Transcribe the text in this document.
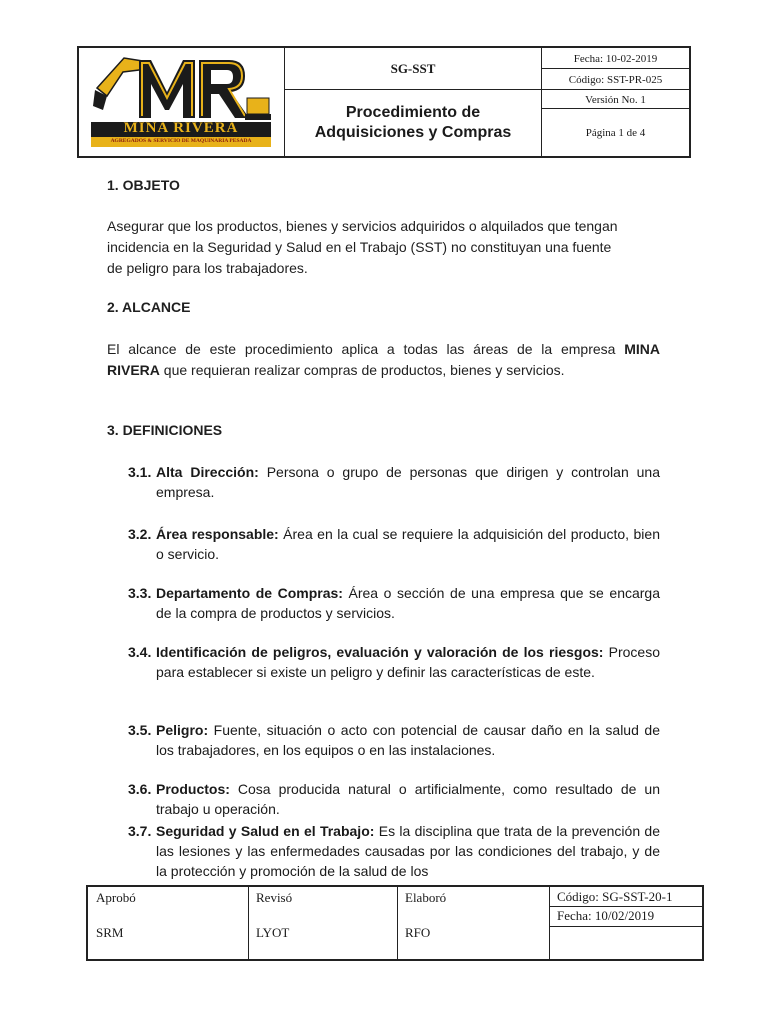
MINA RIVERA
AGREGADOS & SERVICIO DE MAQUINARIA PESADA
SG-SST
Procedimiento de
Adquisiciones y Compras
Fecha: 10-02-2019
Código: SST-PR-025
Versión No. 1
Página 1 de 4
1. OBJETO
Asegurar que los productos, bienes y servicios adquiridos o alquilados que tengan
incidencia en la Seguridad y Salud en el Trabajo (SST) no constituyan una fuente
de peligro para los trabajadores.
2. ALCANCE
El alcance de este procedimiento aplica a todas las áreas de la empresa MINA
RIVERA que requieran realizar compras de productos, bienes y servicios.
3. DEFINICIONES
3.1. Alta Dirección: Persona o grupo de personas que dirigen y controlan una empresa.
3.2. Área responsable: Área en la cual se requiere la adquisición del producto, bien o servicio.
3.3. Departamento de Compras: Área o sección de una empresa que se encarga de la compra de productos y servicios.
3.4. Identificación de peligros, evaluación y valoración de los riesgos: Proceso para establecer si existe un peligro y definir las características de este.
3.5. Peligro: Fuente, situación o acto con potencial de causar daño en la salud de los trabajadores, en los equipos o en las instalaciones.
3.6. Productos: Cosa producida natural o artificialmente, como resultado de un trabajo u operación.
3.7. Seguridad y Salud en el Trabajo: Es la disciplina que trata de la prevención de las lesiones y las enfermedades causadas por las condiciones del trabajo, y de la protección y promoción de la salud de los
Aprobó
SRM
Revisó
LYOT
Elaboró
RFO
Código: SG-SST-20-1
Fecha: 10/02/2019
